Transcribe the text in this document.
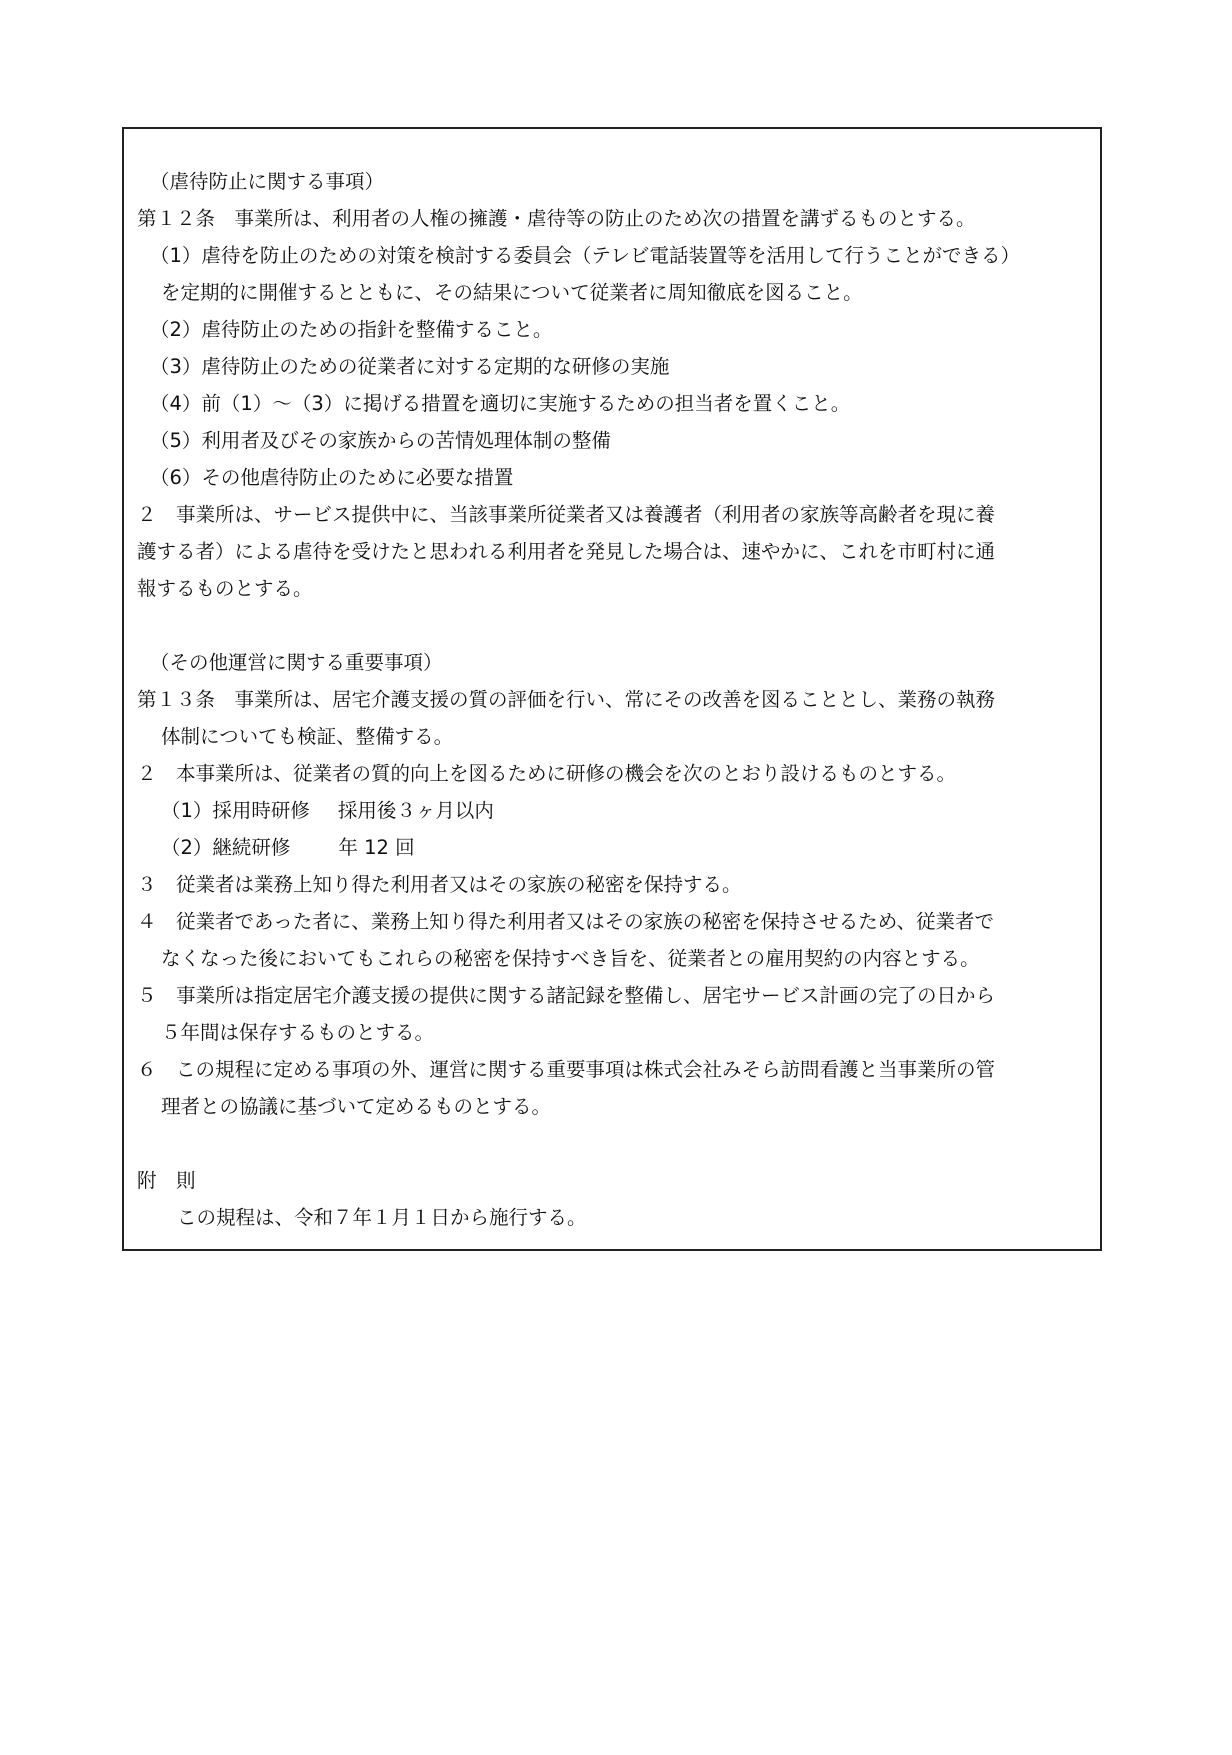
（虐待防止に関する事項）
第１２条　事業所は、利用者の人権の擁護・虐待等の防止のため次の措置を講ずるものとする。
（1）虐待を防止のための対策を検討する委員会（テレビ電話装置等を活用して行うことができる）
を定期的に開催するとともに、その結果について従業者に周知徹底を図ること。
（2）虐待防止のための指針を整備すること。
（3）虐待防止のための従業者に対する定期的な研修の実施
（4）前（1）～（3）に掲げる措置を適切に実施するための担当者を置くこと。
（5）利用者及びその家族からの苦情処理体制の整備
（6）その他虐待防止のために必要な措置
２　事業所は、サービス提供中に、当該事業所従業者又は養護者（利用者の家族等高齢者を現に養
護する者）による虐待を受けたと思われる利用者を発見した場合は、速やかに、これを市町村に通
報するものとする。
（その他運営に関する重要事項）
第１３条　事業所は、居宅介護支援の質の評価を行い、常にその改善を図ることとし、業務の執務
体制についても検証、整備する。
２　本事業所は、従業者の質的向上を図るために研修の機会を次のとおり設けるものとする。
（1）採用時研修 採用後３ヶ月以内
（2）継続研修 年 12 回
３　従業者は業務上知り得た利用者又はその家族の秘密を保持する。
４　従業者であった者に、業務上知り得た利用者又はその家族の秘密を保持させるため、従業者で
なくなった後においてもこれらの秘密を保持すべき旨を、従業者との雇用契約の内容とする。
５　事業所は指定居宅介護支援の提供に関する諸記録を整備し、居宅サービス計画の完了の日から
５年間は保存するものとする。
６　この規程に定める事項の外、運営に関する重要事項は株式会社みそら訪問看護と当事業所の管
理者との協議に基づいて定めるものとする。
附　則
この規程は、令和７年１月１日から施行する。
